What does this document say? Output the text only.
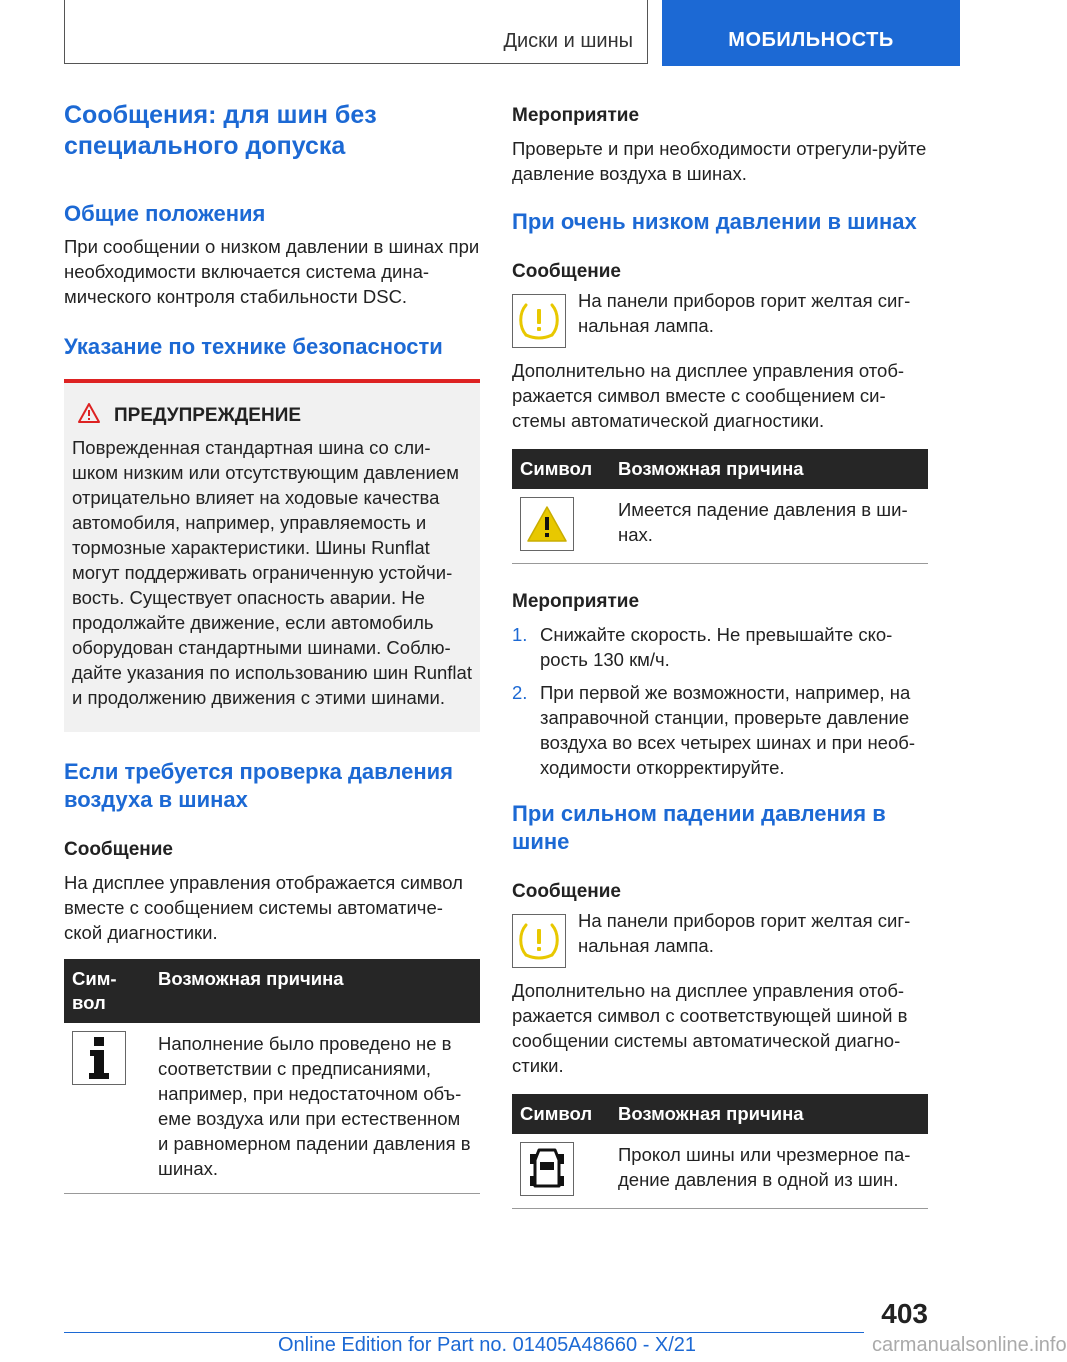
Диски и шины	МОБИЛЬНОСТЬ
Сообщения: для шин без специального допуска
Общие положения

При сообщении о низком давлении в шинах при необходимости включается система дина-мического контроля стабильности DSC.

Указание по технике безопасности
ПРЕДУПРЕЖДЕНИЕ

Поврежденная стандартная шина со сли-шком низким или отсутствующим давлением отрицательно влияет на ходовые качества автомобиля, например, управляемость и тормозные характеристики. Шины Runflat могут поддерживать ограниченную устойчи-вость. Существует опасность аварии. Не продолжайте движение, если автомобиль оборудован стандартными шинами. Соблю-дайте указания по использованию шин Runflat и продолжению движения с этими шинами.

Если требуется проверка давления воздуха в шинах
Сообщение

На дисплее управления отображается символ вместе с сообщением системы автоматиче-ской диагностики.

Сим-вол	Возможная причина

	Наполнение было проведено не в соответствии с предписаниями, например, при недостаточном объ-еме воздуха или при естественном и равномерном падении давления в шинах.
Мероприятие

Проверьте и при необходимости отрегули-руйте давление воздуха в шинах.

При очень низком давлении в шинах
Сообщение

На панели приборов горит желтая сиг-нальная лампа.

Дополнительно на дисплее управления отоб-ражается символ вместе с сообщением си-стемы автоматической диагностики.

Символ	Возможная причина

	Имеется падение давления в ши-нах.
Мероприятие
1. Снижайте скорость. Не превышайте ско-рость 130 км/ч.
2. При первой же возможности, например, на заправочной станции, проверьте давление воздуха во всех четырех шинах и при необ-ходимости откорректируйте.
При сильном падении давления в шине
Сообщение

На панели приборов горит желтая сиг-нальная лампа.

Дополнительно на дисплее управления отоб-ражается символ с соответствующей шиной в сообщении системы автоматической диагно-стики.

Символ	Возможная причина

	Прокол шины или чрезмерное па-дение давления в одной из шин.
403
Online Edition for Part no. 01405A48660 - X/21	carmanualsonline.info
